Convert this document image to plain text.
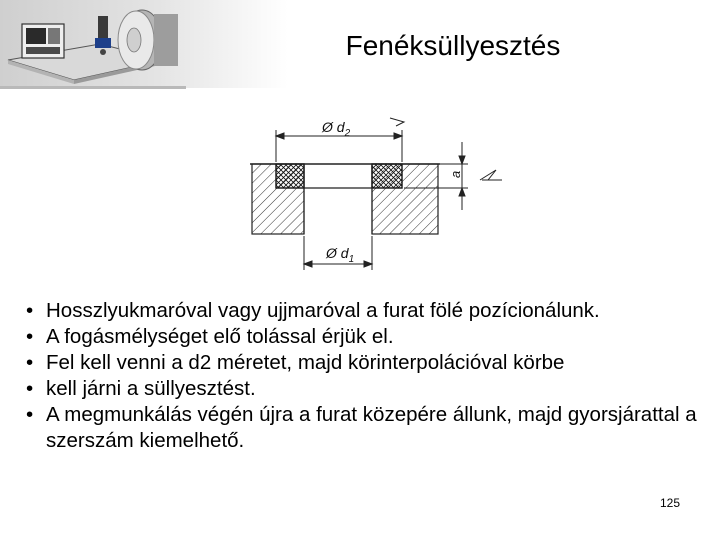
Fenéksüllyesztés
Ø $d_2$
Ø $d_1$
a
• Hosszlyukmaróval vagy ujjmaróval a furat fölé pozícionálunk.
• A fogásmélységet elő tolással érjük el.
• Fel kell venni a d2 méretet, majd körinterpolációval körbe
• kell járni a süllyesztést.
• A megmunkálás végén újra a furat közepére állunk, majd gyorsjárattal a szerszám kiemelhető.
125
